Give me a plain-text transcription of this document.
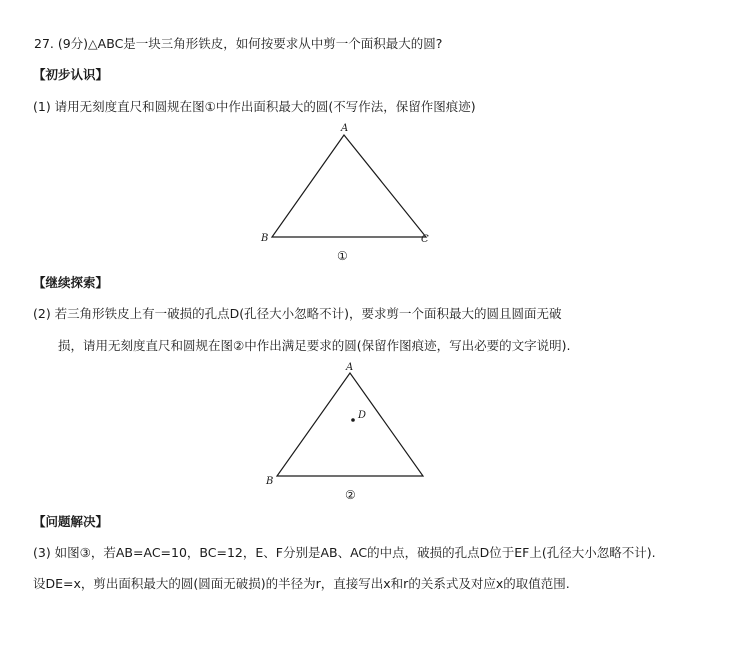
27. (9分)△ABC是一块三角形铁皮，如何按要求从中剪一个面积最大的圆?
【初步认识】
(1) 请用无刻度直尺和圆规在图①中作出面积最大的圆(不写作法，保留作图痕迹)
A
B	C
①
【继续探索】
(2) 若三角形铁皮上有一破损的孔点D(孔径大小忽略不计)，要求剪一个面积最大的圆且圆面无破
损，请用无刻度直尺和圆规在图②中作出满足要求的圆(保留作图痕迹，写出必要的文字说明).
A
D
B
②
【问题解决】
(3) 如图③，若AB=AC=10，BC=12，E、F分别是AB、AC的中点，破损的孔点D位于EF上(孔径大小忽略不计).
设DE=x，剪出面积最大的圆(圆面无破损)的半径为r，直接写出x和r的关系式及对应x的取值范围.
